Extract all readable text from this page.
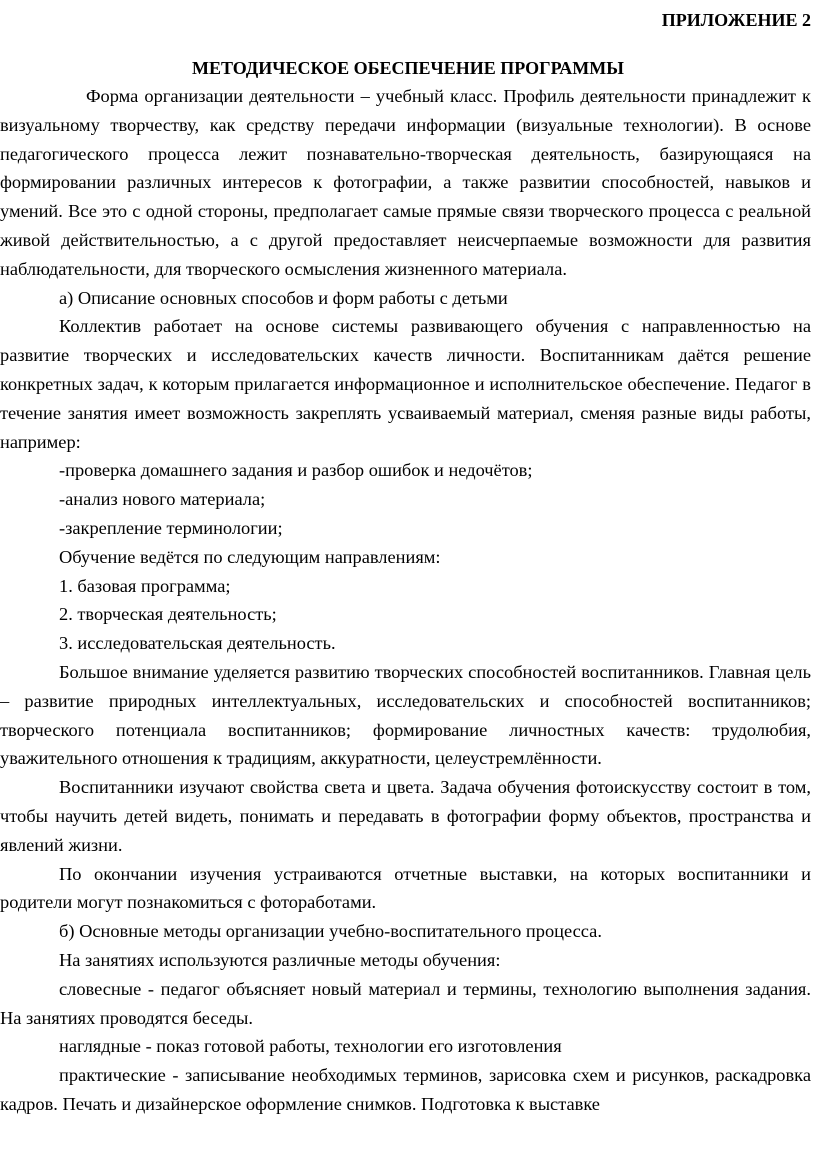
ПРИЛОЖЕНИЕ 2
МЕТОДИЧЕСКОЕ ОБЕСПЕЧЕНИЕ ПРОГРАММЫ

Форма организации деятельности – учебный класс. Профиль деятельности принадлежит к визуальному творчеству, как средству передачи информации (визуальные технологии). В основе педагогического процесса лежит познавательно-творческая деятельность, базирующаяся на формировании различных интересов к фотографии, а также развитии способностей, навыков и умений. Все это с одной стороны, предполагает самые прямые связи творческого процесса с реальной живой действительностью, а с другой предоставляет неисчерпаемые возможности для развития наблюдательности, для творческого осмысления жизненного материала.

а) Описание основных способов и форм работы с детьми

Коллектив работает на основе системы развивающего обучения с направленностью на развитие творческих и исследовательских качеств личности. Воспитанникам даётся решение конкретных задач, к которым прилагается информационное и исполнительское обеспечение. Педагог в течение занятия имеет возможность закреплять усваиваемый материал, сменяя разные виды работы, например:

-проверка домашнего задания и разбор ошибок и недочётов;

-анализ нового материала;

-закрепление терминологии;

Обучение ведётся по следующим направлениям:

1. базовая программа;

2. творческая деятельность;

3. исследовательская деятельность.

Большое внимание уделяется развитию творческих способностей воспитанников. Главная цель – развитие природных интеллектуальных, исследовательских и способностей воспитанников; творческого потенциала воспитанников; формирование личностных качеств: трудолюбия, уважительного отношения к традициям, аккуратности, целеустремлённости.

Воспитанники изучают свойства света и цвета. Задача обучения фотоискусству состоит в том, чтобы научить детей видеть, понимать и передавать в фотографии форму объектов, пространства и явлений жизни.

По окончании изучения устраиваются отчетные выставки, на которых воспитанники и родители могут познакомиться с фотоработами.

б) Основные методы организации учебно-воспитательного процесса.

На занятиях используются различные методы обучения:

словесные - педагог объясняет новый материал и термины, технологию выполнения задания. На занятиях проводятся беседы.

наглядные - показ готовой работы, технологии его изготовления

практические - записывание необходимых терминов, зарисовка схем и рисунков, раскадровка кадров. Печать и дизайнерское оформление снимков. Подготовка к выставке
